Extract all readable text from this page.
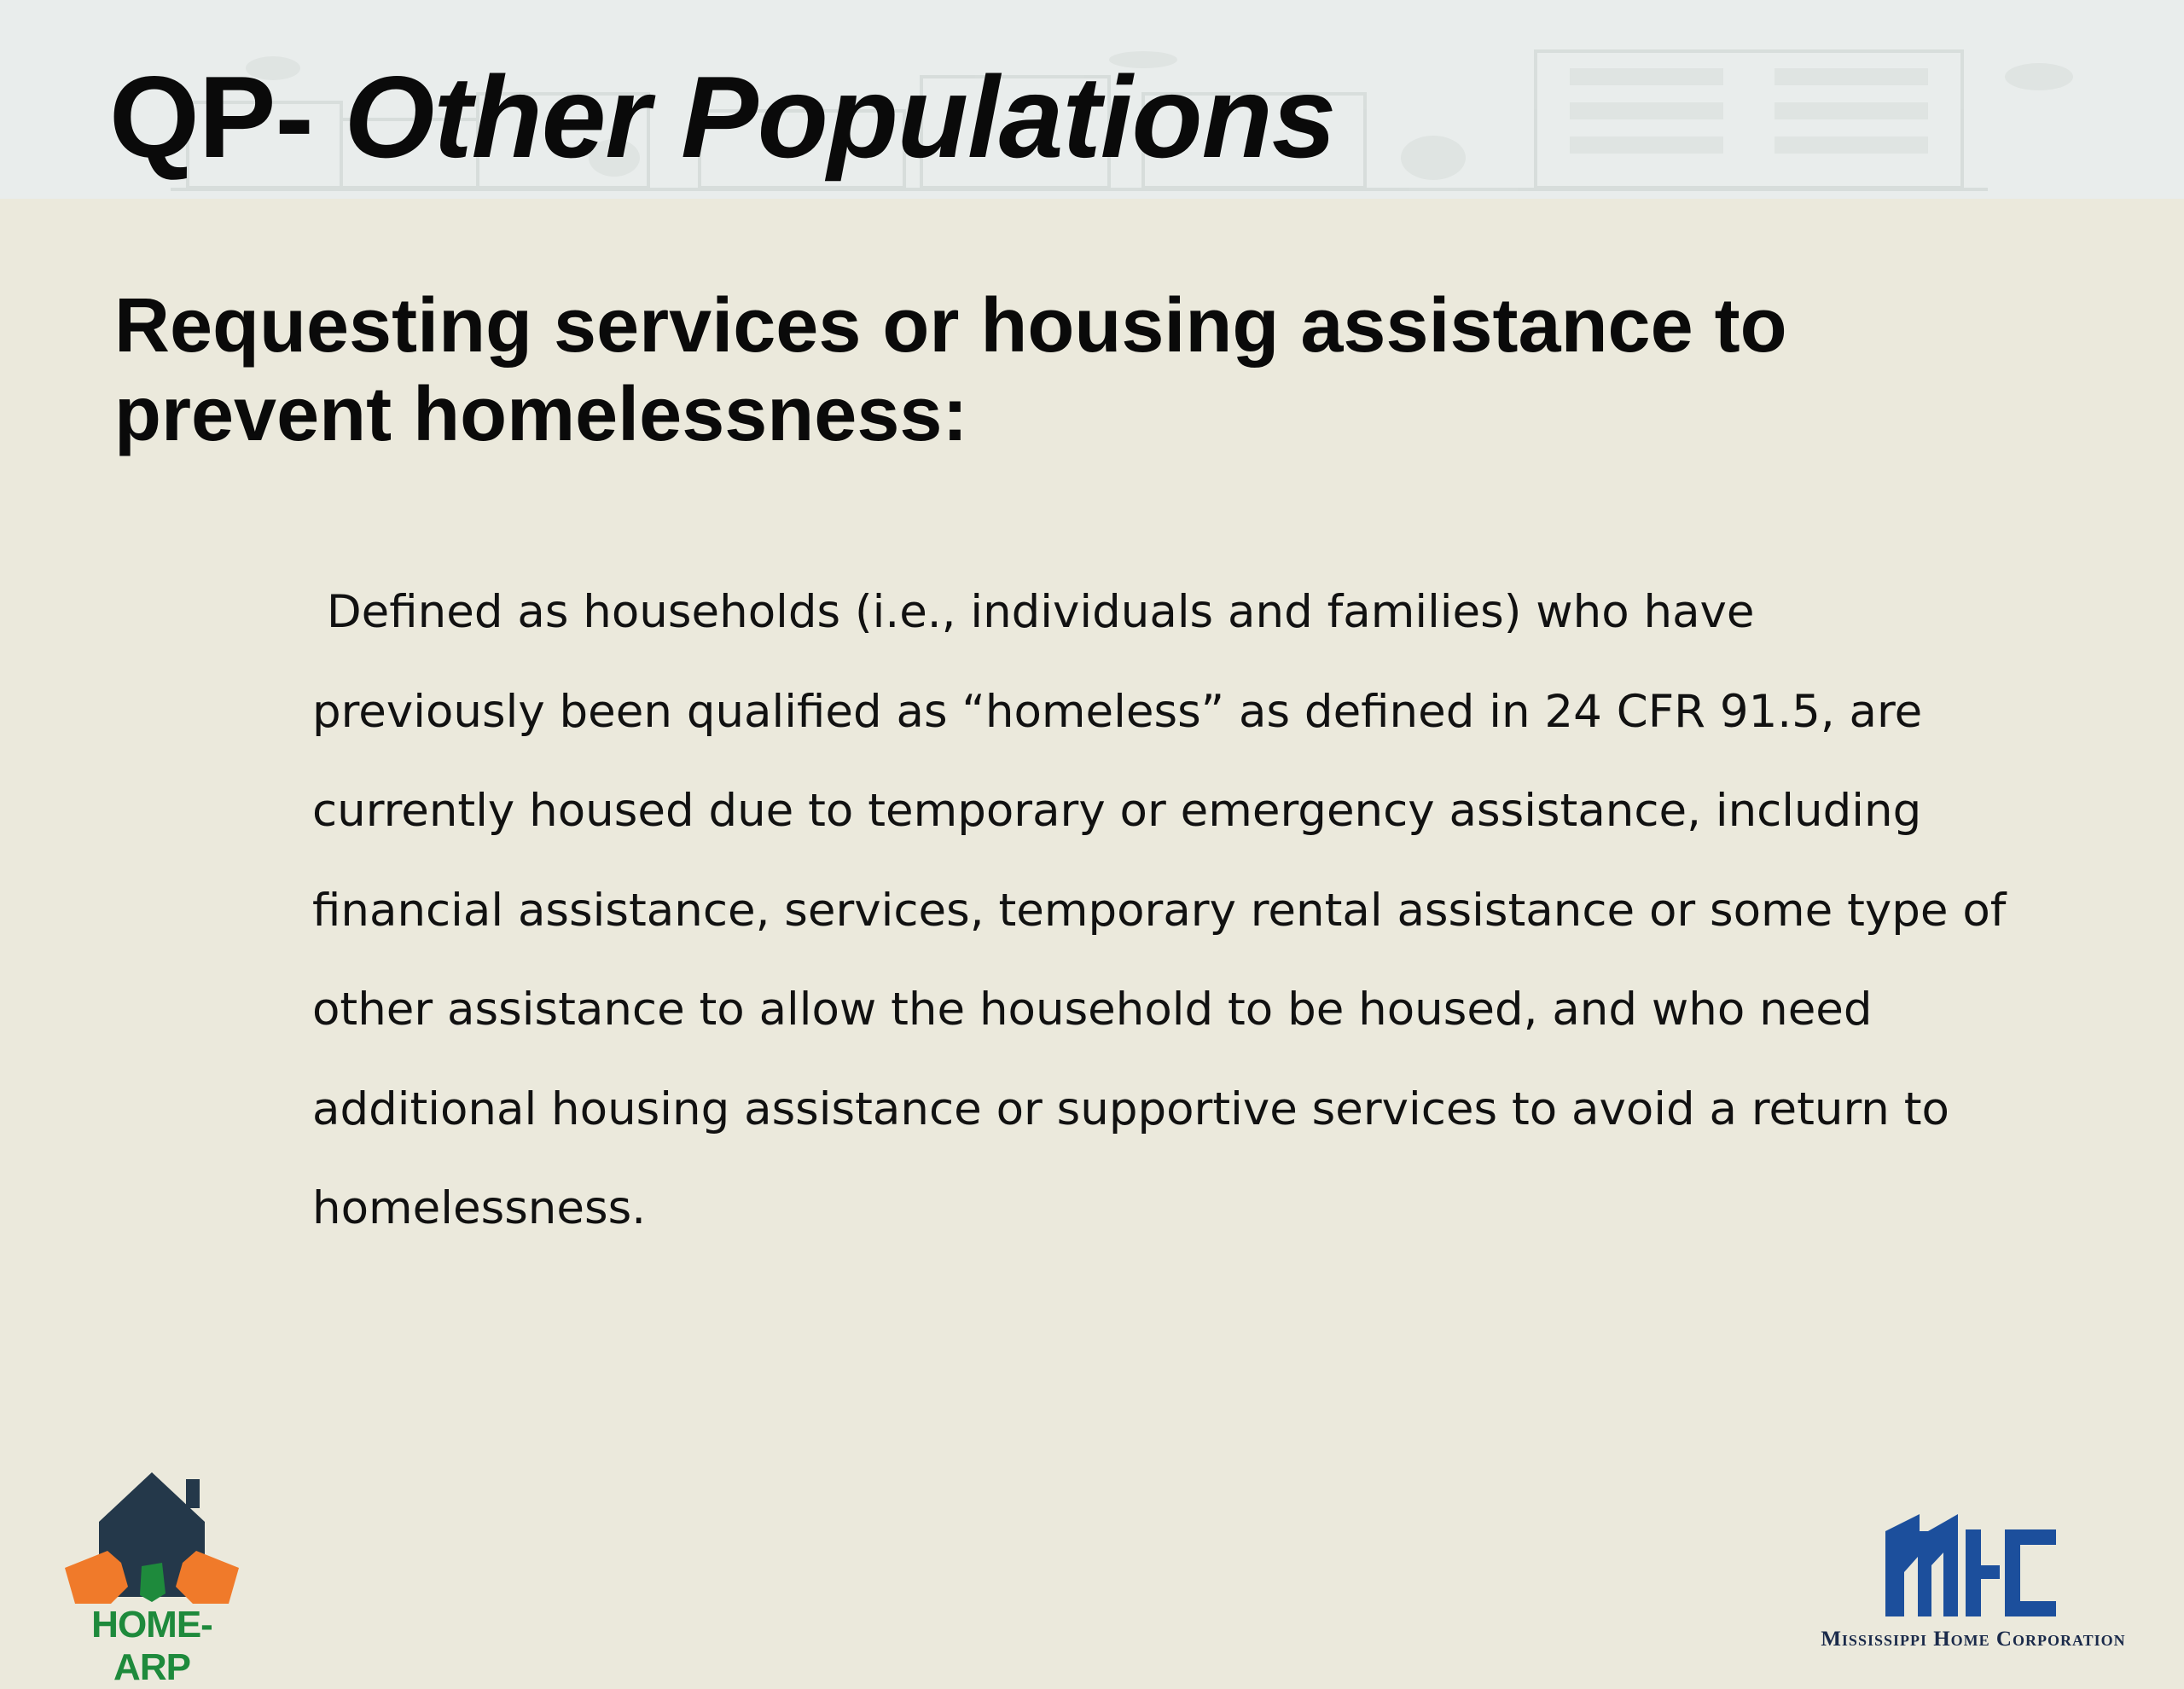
QP- Other Populations
Requesting services or housing assistance to prevent homelessness:
Defined as households (i.e., individuals and families) who have
previously been qualified as “homeless” as defined in 24 CFR 91.5, are
currently housed due to temporary or emergency assistance, including
financial assistance, services, temporary rental assistance or some type of
other assistance to allow the household to be housed, and who need
additional housing assistance or supportive services to avoid a return to
homelessness.
HOME-ARP
Mississippi Home Corporation
